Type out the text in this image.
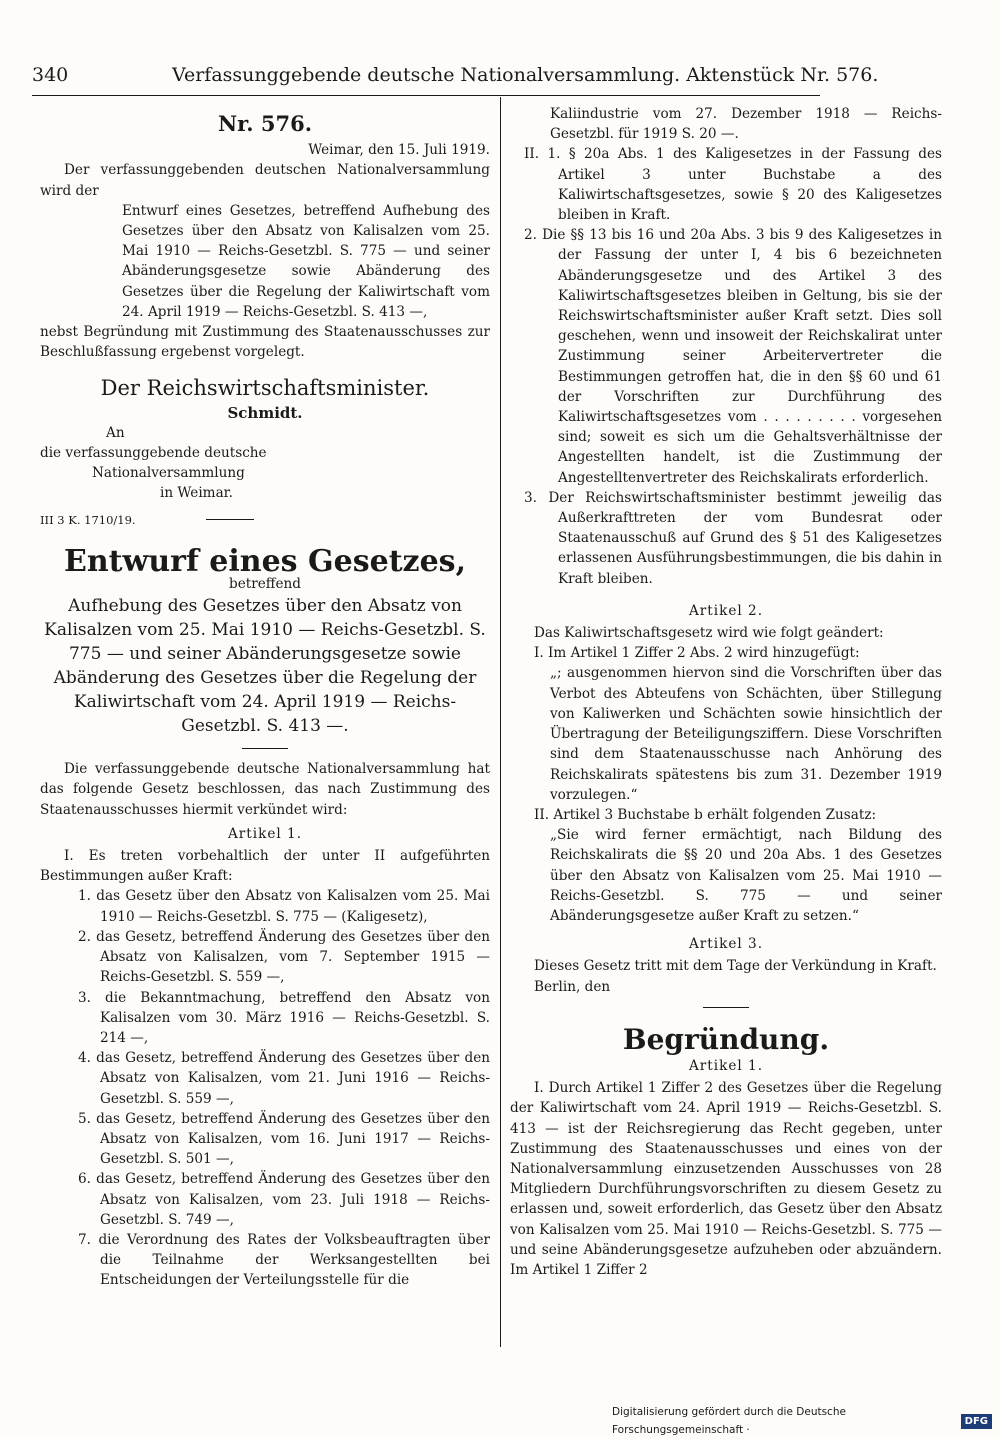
340	Verfassunggebende deutsche Nationalversammlung. Aktenstück Nr. 576.
Nr. 576.

Weimar, den 15. Juli 1919.

Der verfassunggebenden deutschen Nationalversammlung wird der

Entwurf eines Gesetzes, betreffend Aufhebung des Gesetzes über den Absatz von Kalisalzen vom 25. Mai 1910 — Reichs-Gesetzbl. S. 775 — und seiner Abänderungsgesetze sowie Abänderung des Gesetzes über die Regelung der Kaliwirtschaft vom 24. April 1919 — Reichs-Gesetzbl. S. 413 —,

nebst Begründung mit Zustimmung des Staatenausschusses zur Beschlußfassung ergebenst vorgelegt.

Der Reichswirtschaftsminister.
Schmidt.

An

die verfassunggebende deutsche

Nationalversammlung

in Weimar.

III 3 K. 1710/19.
Entwurf eines Gesetzes,

betreffend

Aufhebung des Gesetzes über den Absatz von Kalisalzen vom 25. Mai 1910 — Reichs-Gesetzbl. S. 775 — und seiner Abänderungsgesetze sowie Abänderung des Gesetzes über die Regelung der Kaliwirtschaft vom 24. April 1919 — Reichs-Gesetzbl. S. 413 —.

Die verfassunggebende deutsche Nationalversammlung hat das folgende Gesetz beschlossen, das nach Zustimmung des Staatenausschusses hiermit verkündet wird:

Artikel 1.

I. Es treten vorbehaltlich der unter II aufgeführten Bestimmungen außer Kraft:

1. das Gesetz über den Absatz von Kalisalzen vom 25. Mai 1910 — Reichs-Gesetzbl. S. 775 — (Kaligesetz),

2. das Gesetz, betreffend Änderung des Gesetzes über den Absatz von Kalisalzen, vom 7. September 1915 — Reichs-Gesetzbl. S. 559 —,

3. die Bekanntmachung, betreffend den Absatz von Kalisalzen vom 30. März 1916 — Reichs-Gesetzbl. S. 214 —,

4. das Gesetz, betreffend Änderung des Gesetzes über den Absatz von Kalisalzen, vom 21. Juni 1916 — Reichs-Gesetzbl. S. 559 —,

5. das Gesetz, betreffend Änderung des Gesetzes über den Absatz von Kalisalzen, vom 16. Juni 1917 — Reichs-Gesetzbl. S. 501 —,

6. das Gesetz, betreffend Änderung des Gesetzes über den Absatz von Kalisalzen, vom 23. Juli 1918 — Reichs-Gesetzbl. S. 749 —,

7. die Verordnung des Rates der Volksbeauftragten über die Teilnahme der Werksangestellten bei Entscheidungen der Verteilungsstelle für die

Kaliindustrie vom 27. Dezember 1918 — Reichs-Gesetzbl. für 1919 S. 20 —.

II. 1. § 20a Abs. 1 des Kaligesetzes in der Fassung des Artikel 3 unter Buchstabe a des Kaliwirtschaftsgesetzes, sowie § 20 des Kaligesetzes bleiben in Kraft.

2. Die §§ 13 bis 16 und 20a Abs. 3 bis 9 des Kaligesetzes in der Fassung der unter I, 4 bis 6 bezeichneten Abänderungsgesetze und des Artikel 3 des Kaliwirtschaftsgesetzes bleiben in Geltung, bis sie der Reichswirtschaftsminister außer Kraft setzt. Dies soll geschehen, wenn und insoweit der Reichskalirat unter Zustimmung seiner Arbeitervertreter die Bestimmungen getroffen hat, die in den §§ 60 und 61 der Vorschriften zur Durchführung des Kaliwirtschaftsgesetzes vom . . . . . . . . . vorgesehen sind; soweit es sich um die Gehaltsverhältnisse der Angestellten handelt, ist die Zustimmung der Angestelltenvertreter des Reichskalirats erforderlich.

3. Der Reichswirtschaftsminister bestimmt jeweilig das Außerkrafttreten der vom Bundesrat oder Staatenausschuß auf Grund des § 51 des Kaligesetzes erlassenen Ausführungsbestimmungen, die bis dahin in Kraft bleiben.

Artikel 2.

Das Kaliwirtschaftsgesetz wird wie folgt geändert:

I. Im Artikel 1 Ziffer 2 Abs. 2 wird hinzugefügt:

„; ausgenommen hiervon sind die Vorschriften über das Verbot des Abteufens von Schächten, über Stillegung von Kaliwerken und Schächten sowie hinsichtlich der Übertragung der Beteiligungsziffern. Diese Vorschriften sind dem Staatenausschusse nach Anhörung des Reichskalirats spätestens bis zum 31. Dezember 1919 vorzulegen.“

II. Artikel 3 Buchstabe b erhält folgenden Zusatz:

„Sie wird ferner ermächtigt, nach Bildung des Reichskalirats die §§ 20 und 20a Abs. 1 des Gesetzes über den Absatz von Kalisalzen vom 25. Mai 1910 — Reichs-Gesetzbl. S. 775 — und seiner Abänderungsgesetze außer Kraft zu setzen.“

Artikel 3.

Dieses Gesetz tritt mit dem Tage der Verkündung in Kraft.

Berlin, den

Begründung.
Artikel 1.

I. Durch Artikel 1 Ziffer 2 des Gesetzes über die Regelung der Kaliwirtschaft vom 24. April 1919 — Reichs-Gesetzbl. S. 413 — ist der Reichsregierung das Recht gegeben, unter Zustimmung des Staatenausschusses und eines von der Nationalversammlung einzusetzenden Ausschusses von 28 Mitgliedern Durchführungsvorschriften zu diesem Gesetz zu erlassen und, soweit erforderlich, das Gesetz über den Absatz von Kalisalzen vom 25. Mai 1910 — Reichs-Gesetzbl. S. 775 — und seine Abänderungsgesetze aufzuheben oder abzuändern. Im Artikel 1 Ziffer 2

Digitalisierung gefördert durch die Deutsche Forschungsgemeinschaft ·
DFG
